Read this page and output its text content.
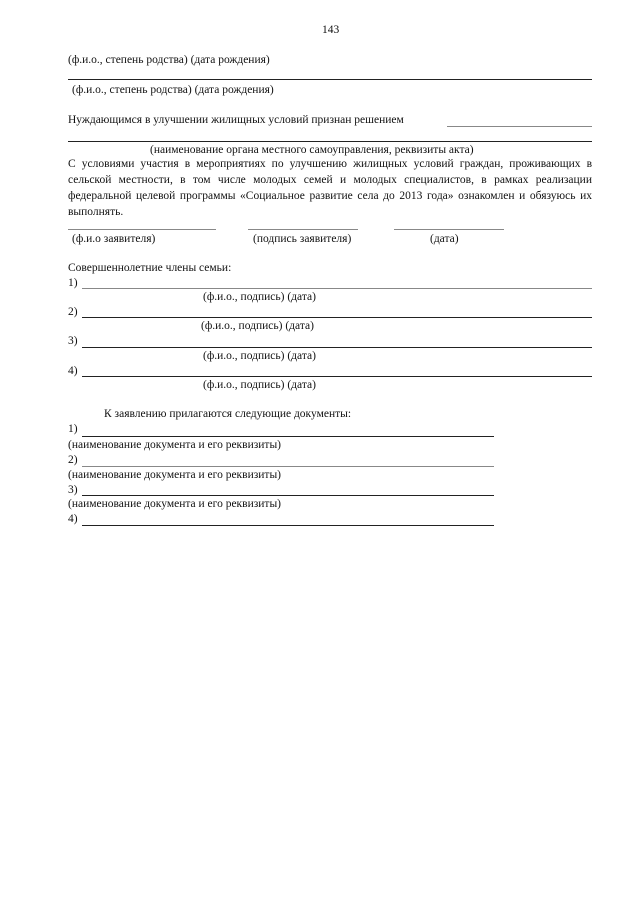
143
(ф.и.о., степень родства) (дата рождения)
(ф.и.о., степень родства) (дата рождения)
Нуждающимся в улучшении жилищных условий признан решением
(наименование органа местного самоуправления, реквизиты акта)
С условиями участия в мероприятиях по улучшению жилищных условий граждан, проживающих в сельской местности, в том числе молодых семей и молодых специалистов, в рамках реализации федеральной целевой программы «Социальное развитие села до 2013 года» ознакомлен и обязуюсь их выполнять.
(ф.и.о заявителя)	(подпись заявителя)	(дата)
Совершеннолетние члены семьи:
1)
(ф.и.о., подпись) (дата)
2)
(ф.и.о., подпись) (дата)
3)
(ф.и.о., подпись) (дата)
4)
(ф.и.о., подпись) (дата)
К заявлению прилагаются следующие документы:
1)
(наименование документа и его реквизиты)
2)
(наименование документа и его реквизиты)
3)
(наименование документа и его реквизиты)
4)
